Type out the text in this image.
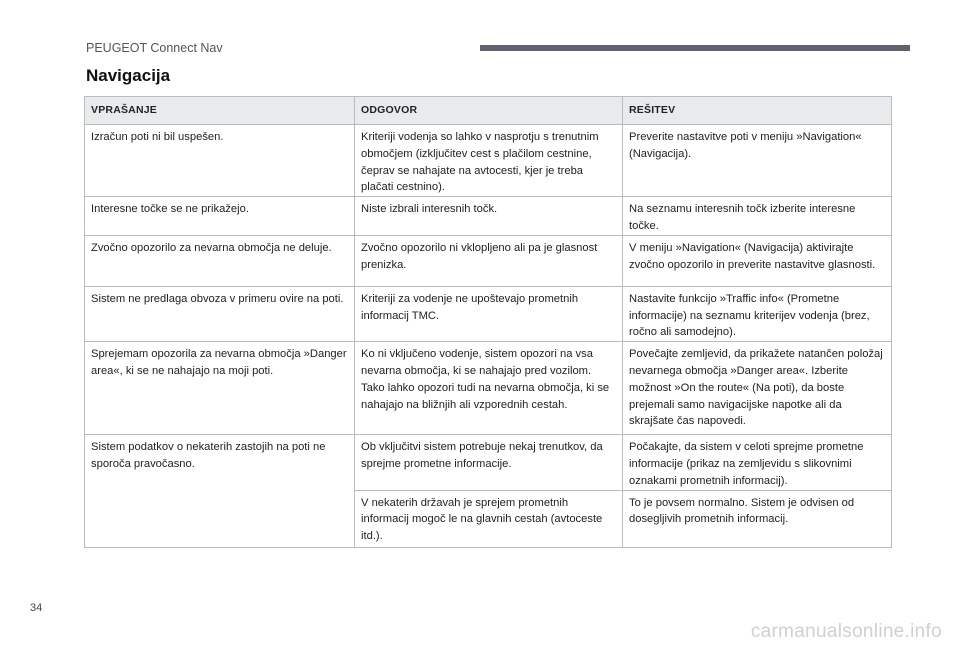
PEUGEOT Connect Nav
Navigacija
VPRAŠANJE	ODGOVOR	REŠITEV
Izračun poti ni bil uspešen.	Kriteriji vodenja so lahko v nasprotju s trenutnim območjem (izključitev cest s plačilom cestnine, čeprav se nahajate na avtocesti, kjer je treba plačati cestnino).	Preverite nastavitve poti v meniju »Navigation« (Navigacija).
Interesne točke se ne prikažejo.	Niste izbrali interesnih točk.	Na seznamu interesnih točk izberite interesne točke.
Zvočno opozorilo za nevarna območja ne deluje.	Zvočno opozorilo ni vklopljeno ali pa je glasnost prenizka.	V meniju »Navigation« (Navigacija) aktivirajte zvočno opozorilo in preverite nastavitve glasnosti.
Sistem ne predlaga obvoza v primeru ovire na poti.	Kriteriji za vodenje ne upoštevajo prometnih informacij TMC.	Nastavite funkcijo »Traffic info« (Prometne informacije) na seznamu kriterijev vodenja (brez, ročno ali samodejno).
Sprejemam opozorila za nevarna območja »Danger area«, ki se ne nahajajo na moji poti.	Ko ni vključeno vodenje, sistem opozori na vsa nevarna območja, ki se nahajajo pred vozilom. Tako lahko opozori tudi na nevarna območja, ki se nahajajo na bližnjih ali vzporednih cestah.	Povečajte zemljevid, da prikažete natančen položaj nevarnega območja »Danger area«. Izberite možnost »On the route« (Na poti), da boste prejemali samo navigacijske napotke ali da skrajšate čas napovedi.
Sistem podatkov o nekaterih zastojih na poti ne sporoča pravočasno.	Ob vključitvi sistem potrebuje nekaj trenutkov, da sprejme prometne informacije.	Počakajte, da sistem v celoti sprejme prometne informacije (prikaz na zemljevidu s slikovnimi oznakami prometnih informacij).
	V nekaterih državah je sprejem prometnih informacij mogoč le na glavnih cestah (avtoceste itd.).	To je povsem normalno. Sistem je odvisen od dosegljivih prometnih informacij.
34
carmanualsonline.info
